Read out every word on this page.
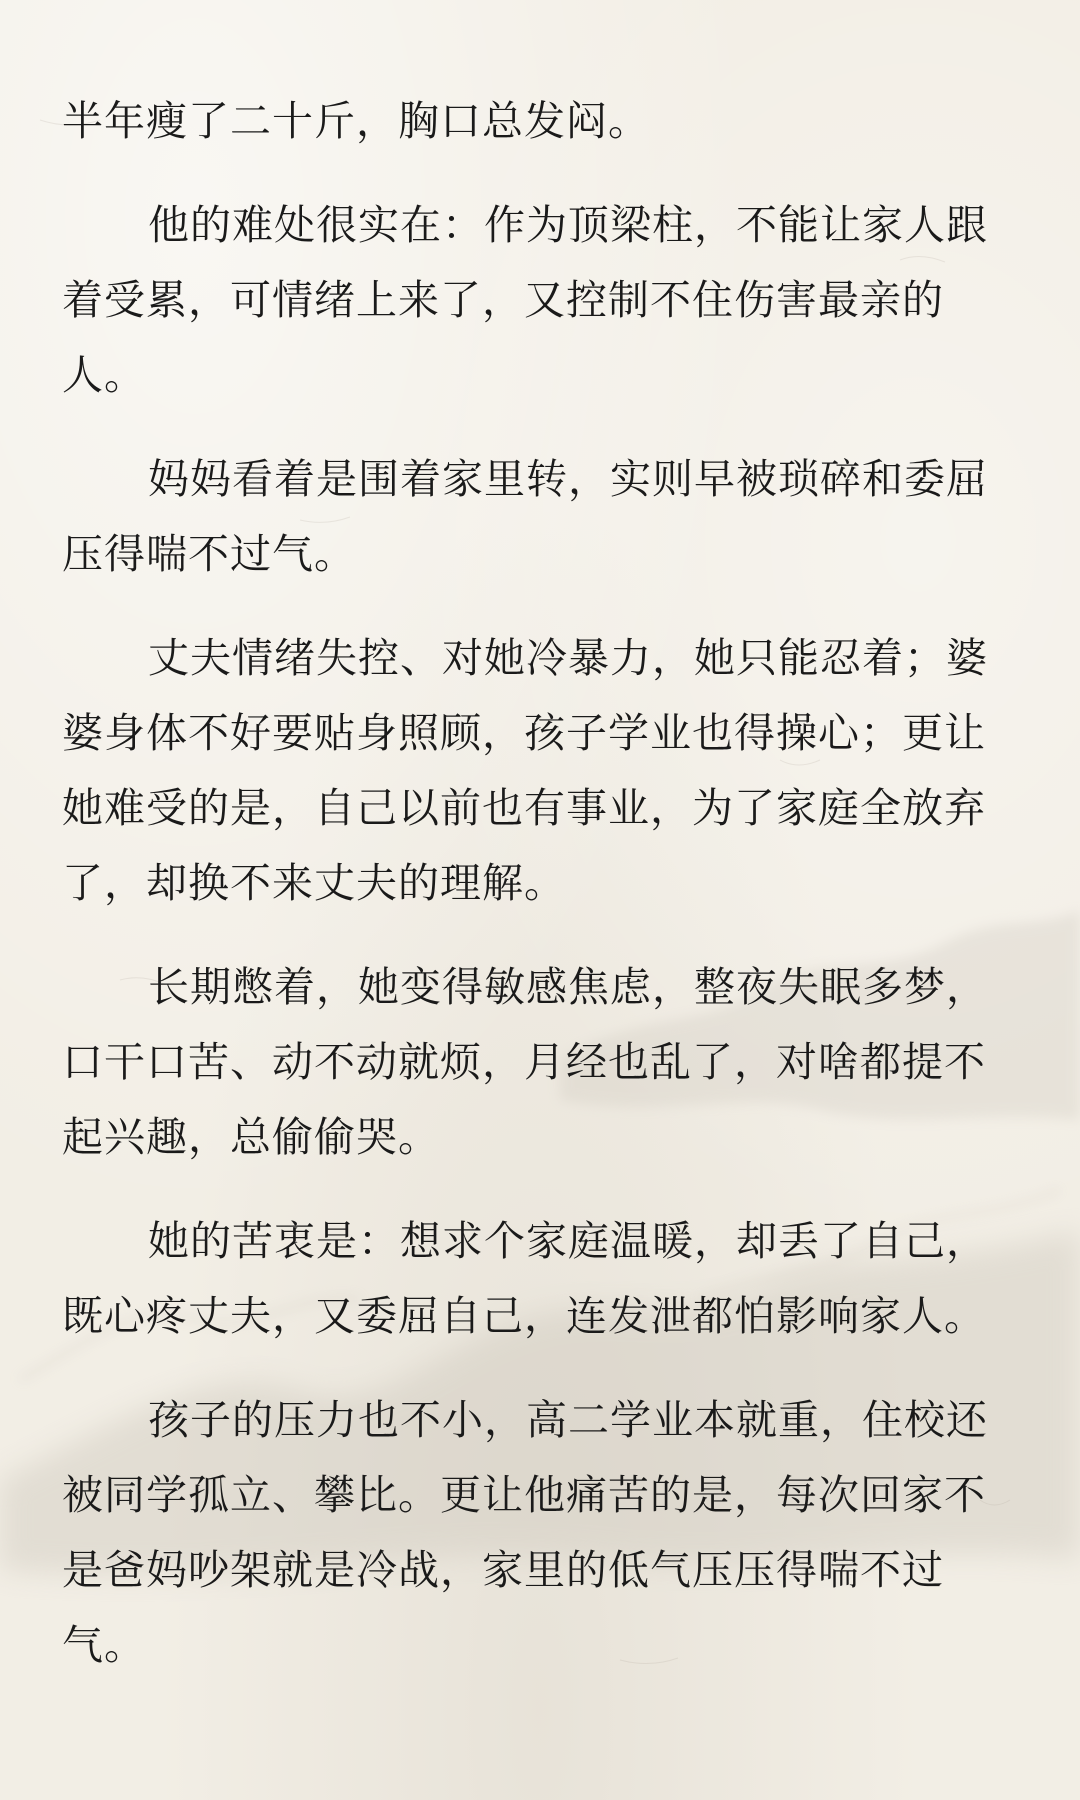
半年瘦了二十斤，胸口总发闷。

他的难处很实在：作为顶梁柱，不能让家人跟着受累，可情绪上来了，又控制不住伤害最亲的人。

妈妈看着是围着家里转，实则早被琐碎和委屈压得喘不过气。

丈夫情绪失控、对她冷暴力，她只能忍着；婆婆身体不好要贴身照顾，孩子学业也得操心；更让她难受的是，自己以前也有事业，为了家庭全放弃了，却换不来丈夫的理解。

长期憋着，她变得敏感焦虑，整夜失眠多梦，口干口苦、动不动就烦，月经也乱了，对啥都提不起兴趣，总偷偷哭。

她的苦衷是：想求个家庭温暖，却丢了自己，既心疼丈夫，又委屈自己，连发泄都怕影响家人。

孩子的压力也不小，高二学业本就重，住校还被同学孤立、攀比。更让他痛苦的是，每次回家不是爸妈吵架就是冷战，家里的低气压压得喘不过气。
